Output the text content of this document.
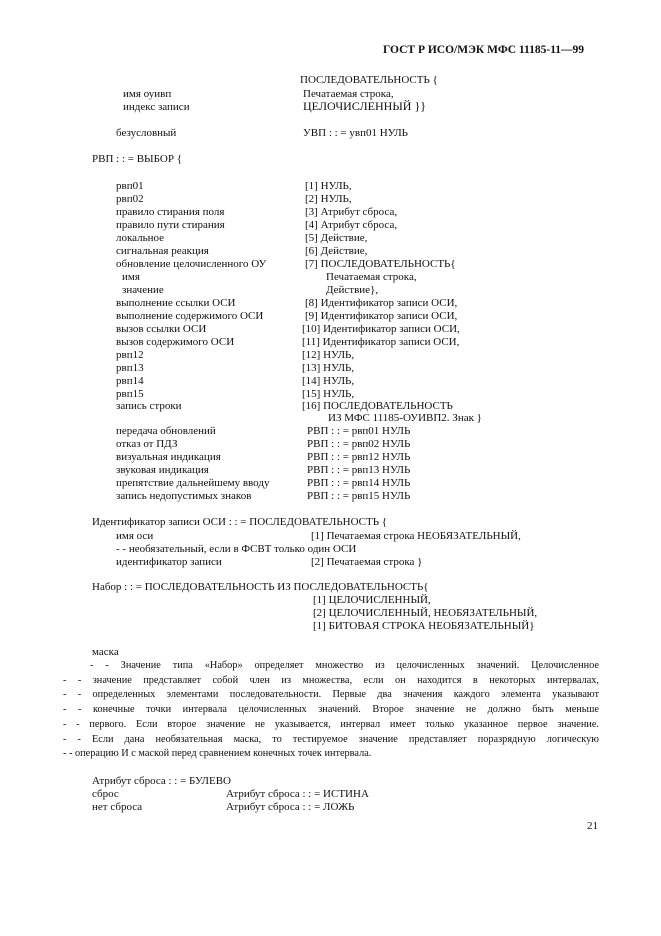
ГОСТ Р ИСО/МЭК МФС 11185-11—99
ПОСЛЕДОВАТЕЛЬНОСТЬ {
имя оуивп	Печатаемая строка,
индекс записи	ЦЕЛОЧИСЛЕННЫЙ }}
безусловный	УВП : : = увп01 НУЛЬ
РВП : : = ВЫБОР {
рвп01	[1] НУЛЬ,
рвп02	[2] НУЛЬ,
правило стирания поля	[3] Атрибут сброса,
правило пути стирания	[4] Атрибут сброса,
локальное	[5] Действие,
сигнальная реакция	[6] Действие,
обновление целочисленного ОУ	[7] ПОСЛЕДОВАТЕЛЬНОСТЬ{
имя	Печатаемая строка,
значение	Действие},
выполнение ссылки ОСИ	[8] Идентификатор записи ОСИ,
выполнение содержимого ОСИ	[9] Идентификатор записи ОСИ,
вызов ссылки ОСИ	[10] Идентификатор записи ОСИ,
вызов содержимого ОСИ	[11] Идентификатор записи ОСИ,
рвп12	[12] НУЛЬ,
рвп13	[13] НУЛЬ,
рвп14	[14] НУЛЬ,
рвп15	[15] НУЛЬ,
запись строки	[16] ПОСЛЕДОВАТЕЛЬНОСТЬ
ИЗ МФС 11185-ОУИВП2. Знак }
передача обновлений	РВП : : = рвп01 НУЛЬ
отказ от ПДЗ	РВП : : = рвп02 НУЛЬ
визуальная индикация	РВП : : = рвп12 НУЛЬ
звуковая индикация	РВП : : = рвп13 НУЛЬ
препятствие дальнейшему вводу	РВП : : = рвп14 НУЛЬ
запись недопустимых знаков	РВП : : = рвп15 НУЛЬ
Идентификатор записи ОСИ : : = ПОСЛЕДОВАТЕЛЬНОСТЬ {
имя оси	[1] Печатаемая строка НЕОБЯЗАТЕЛЬНЫЙ,
- - необязательный, если в ФСВТ только один ОСИ
идентификатор записи	[2] Печатаемая строка }
Набор : : = ПОСЛЕДОВАТЕЛЬНОСТЬ ИЗ ПОСЛЕДОВАТЕЛЬНОСТЬ{
[1] ЦЕЛОЧИСЛЕННЫЙ,
[2] ЦЕЛОЧИСЛЕННЫЙ, НЕОБЯЗАТЕЛЬНЫЙ,
[1] БИТОВАЯ СТРОКА НЕОБЯЗАТЕЛЬНЫЙ}
маска
- - Значение типа «Набор» определяет множество из целочисленных значений. Целочисленное
- - значение представляет собой член из множества, если он находится в некоторых интервалах,
- - определенных элементами последовательности. Первые два значения каждого элемента указывают
- - конечные точки интервала целочисленных значений. Второе значение не должно быть меньше
- - первого. Если второе значение не указывается, интервал имеет только указанное первое значение.
- - Если дана необязательная маска, то тестируемое значение представляет поразрядную логическую
- - операцию И с маской перед сравнением конечных точек интервала.
Атрибут сброса : : = БУЛЕВО
сброс	Атрибут сброса : : = ИСТИНА
нет сброса	Атрибут сброса : : = ЛОЖЬ
21
